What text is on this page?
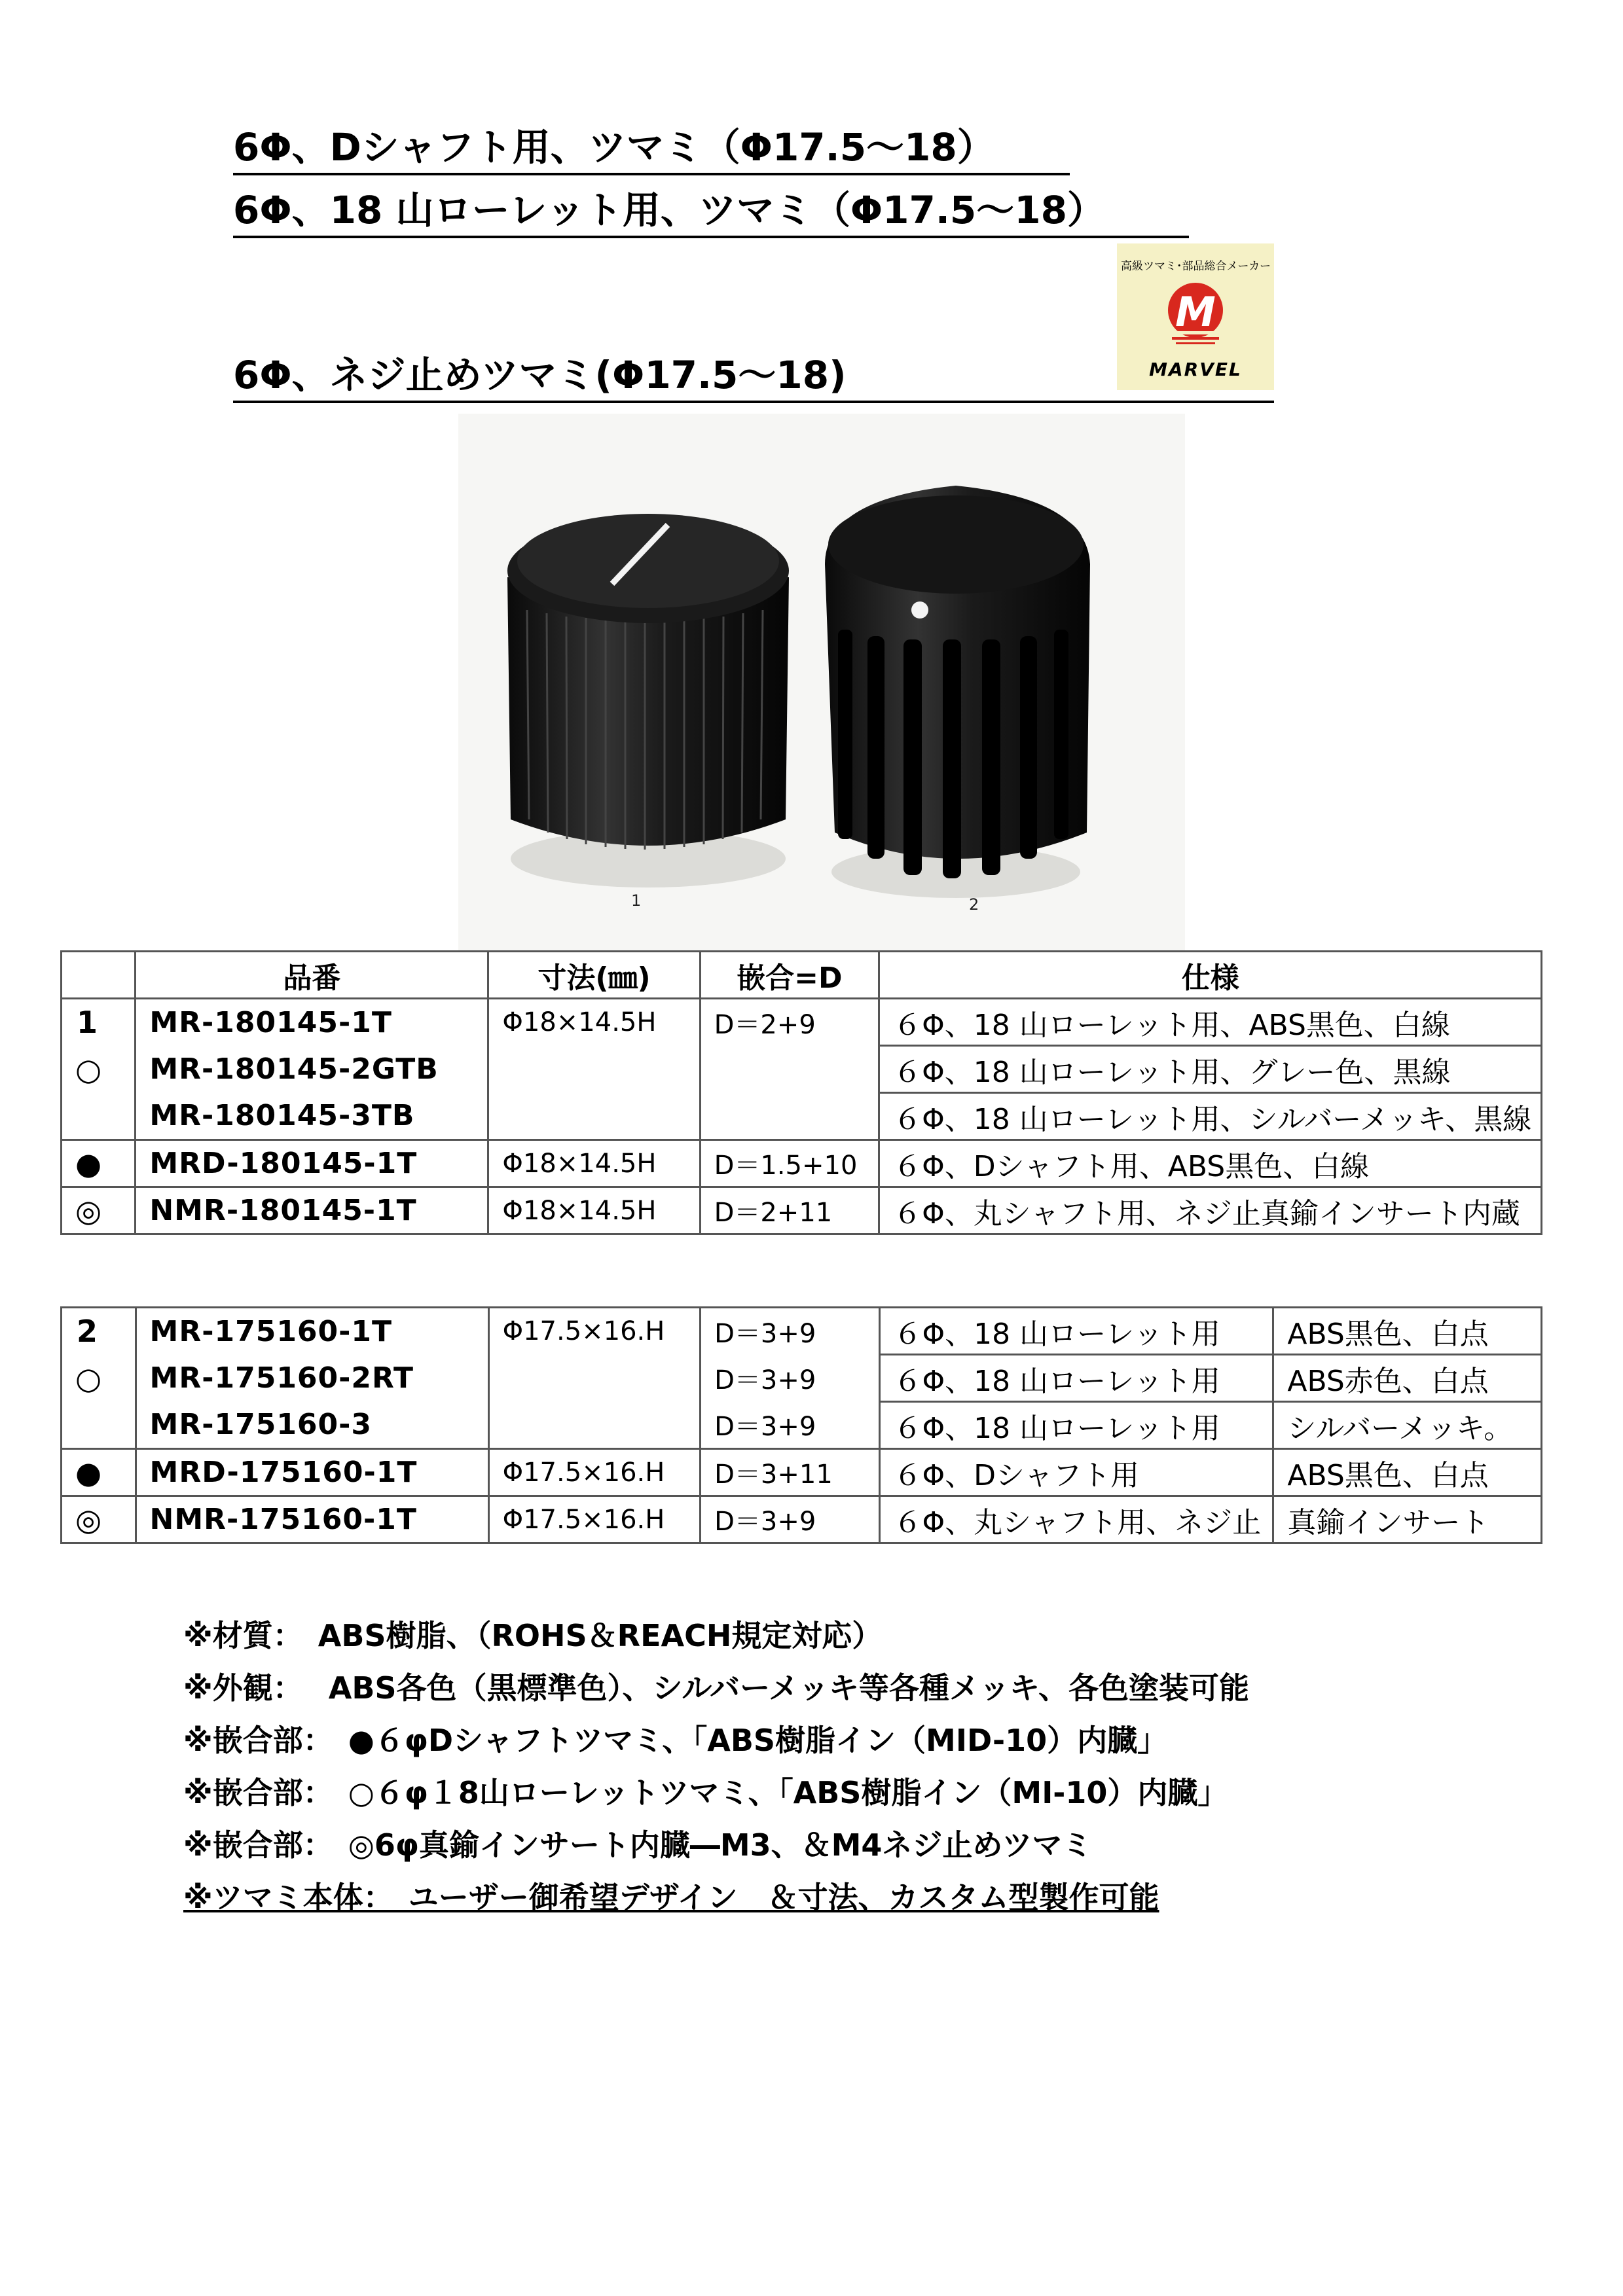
6Φ、Dシャフト用、ツマミ（Φ17.5～18）
6Φ、18 山ローレット用、ツマミ（Φ17.5～18）
6Φ、ネジ止めツマミ(Φ17.5～18)
高級ツマミ･部品総合メーカー
M
MARVEL
1	2
	品番	寸法(㎜)	嵌合=D	仕様
1	MR-180145-1T	Φ18×14.5H	D＝2+9	６Φ、18 山ローレット用、ABS黒色、白線
○	MR-180145-2GTB			６Φ、18 山ローレット用、グレー色、黒線
	MR-180145-3TB			６Φ、18 山ローレット用、シルバーメッキ、黒線
●	MRD-180145-1T	Φ18×14.5H	D＝1.5+10	６Φ、Dシャフト用、ABS黒色、白線
◎	NMR-180145-1T	Φ18×14.5H	D＝2+11	６Φ、丸シャフト用、ネジ止真鍮インサート内蔵
2	MR-175160-1T	Φ17.5×16.H	D＝3+9	６Φ、18 山ローレット用	ABS黒色、白点
○	MR-175160-2RT		D＝3+9	６Φ、18 山ローレット用	ABS赤色、白点
	MR-175160-3		D＝3+9	６Φ、18 山ローレット用	シルバーメッキ。
●	MRD-175160-1T	Φ17.5×16.H	D＝3+11	６Φ、Dシャフト用	ABS黒色、白点
◎	NMR-175160-1T	Φ17.5×16.H	D＝3+9	６Φ、丸シャフト用、ネジ止	真鍮インサート
※材質：　ABS樹脂、（ROHS＆REACH規定対応）
※外観：　 ABS各色（黒標準色）、シルバーメッキ等各種メッキ、各色塗装可能
※嵌合部：　●６φDシャフトツマミ、｢ABS樹脂イン（MID-10）内臓｣
※嵌合部：　○６φ１8山ローレットツマミ、｢ABS樹脂イン（MI-10）内臓｣
※嵌合部：　◎6φ真鍮インサート内臓―M3、＆M4ネジ止めツマミ
※ツマミ本体：　ユーザー御希望デザイン　＆寸法、カスタム型製作可能
